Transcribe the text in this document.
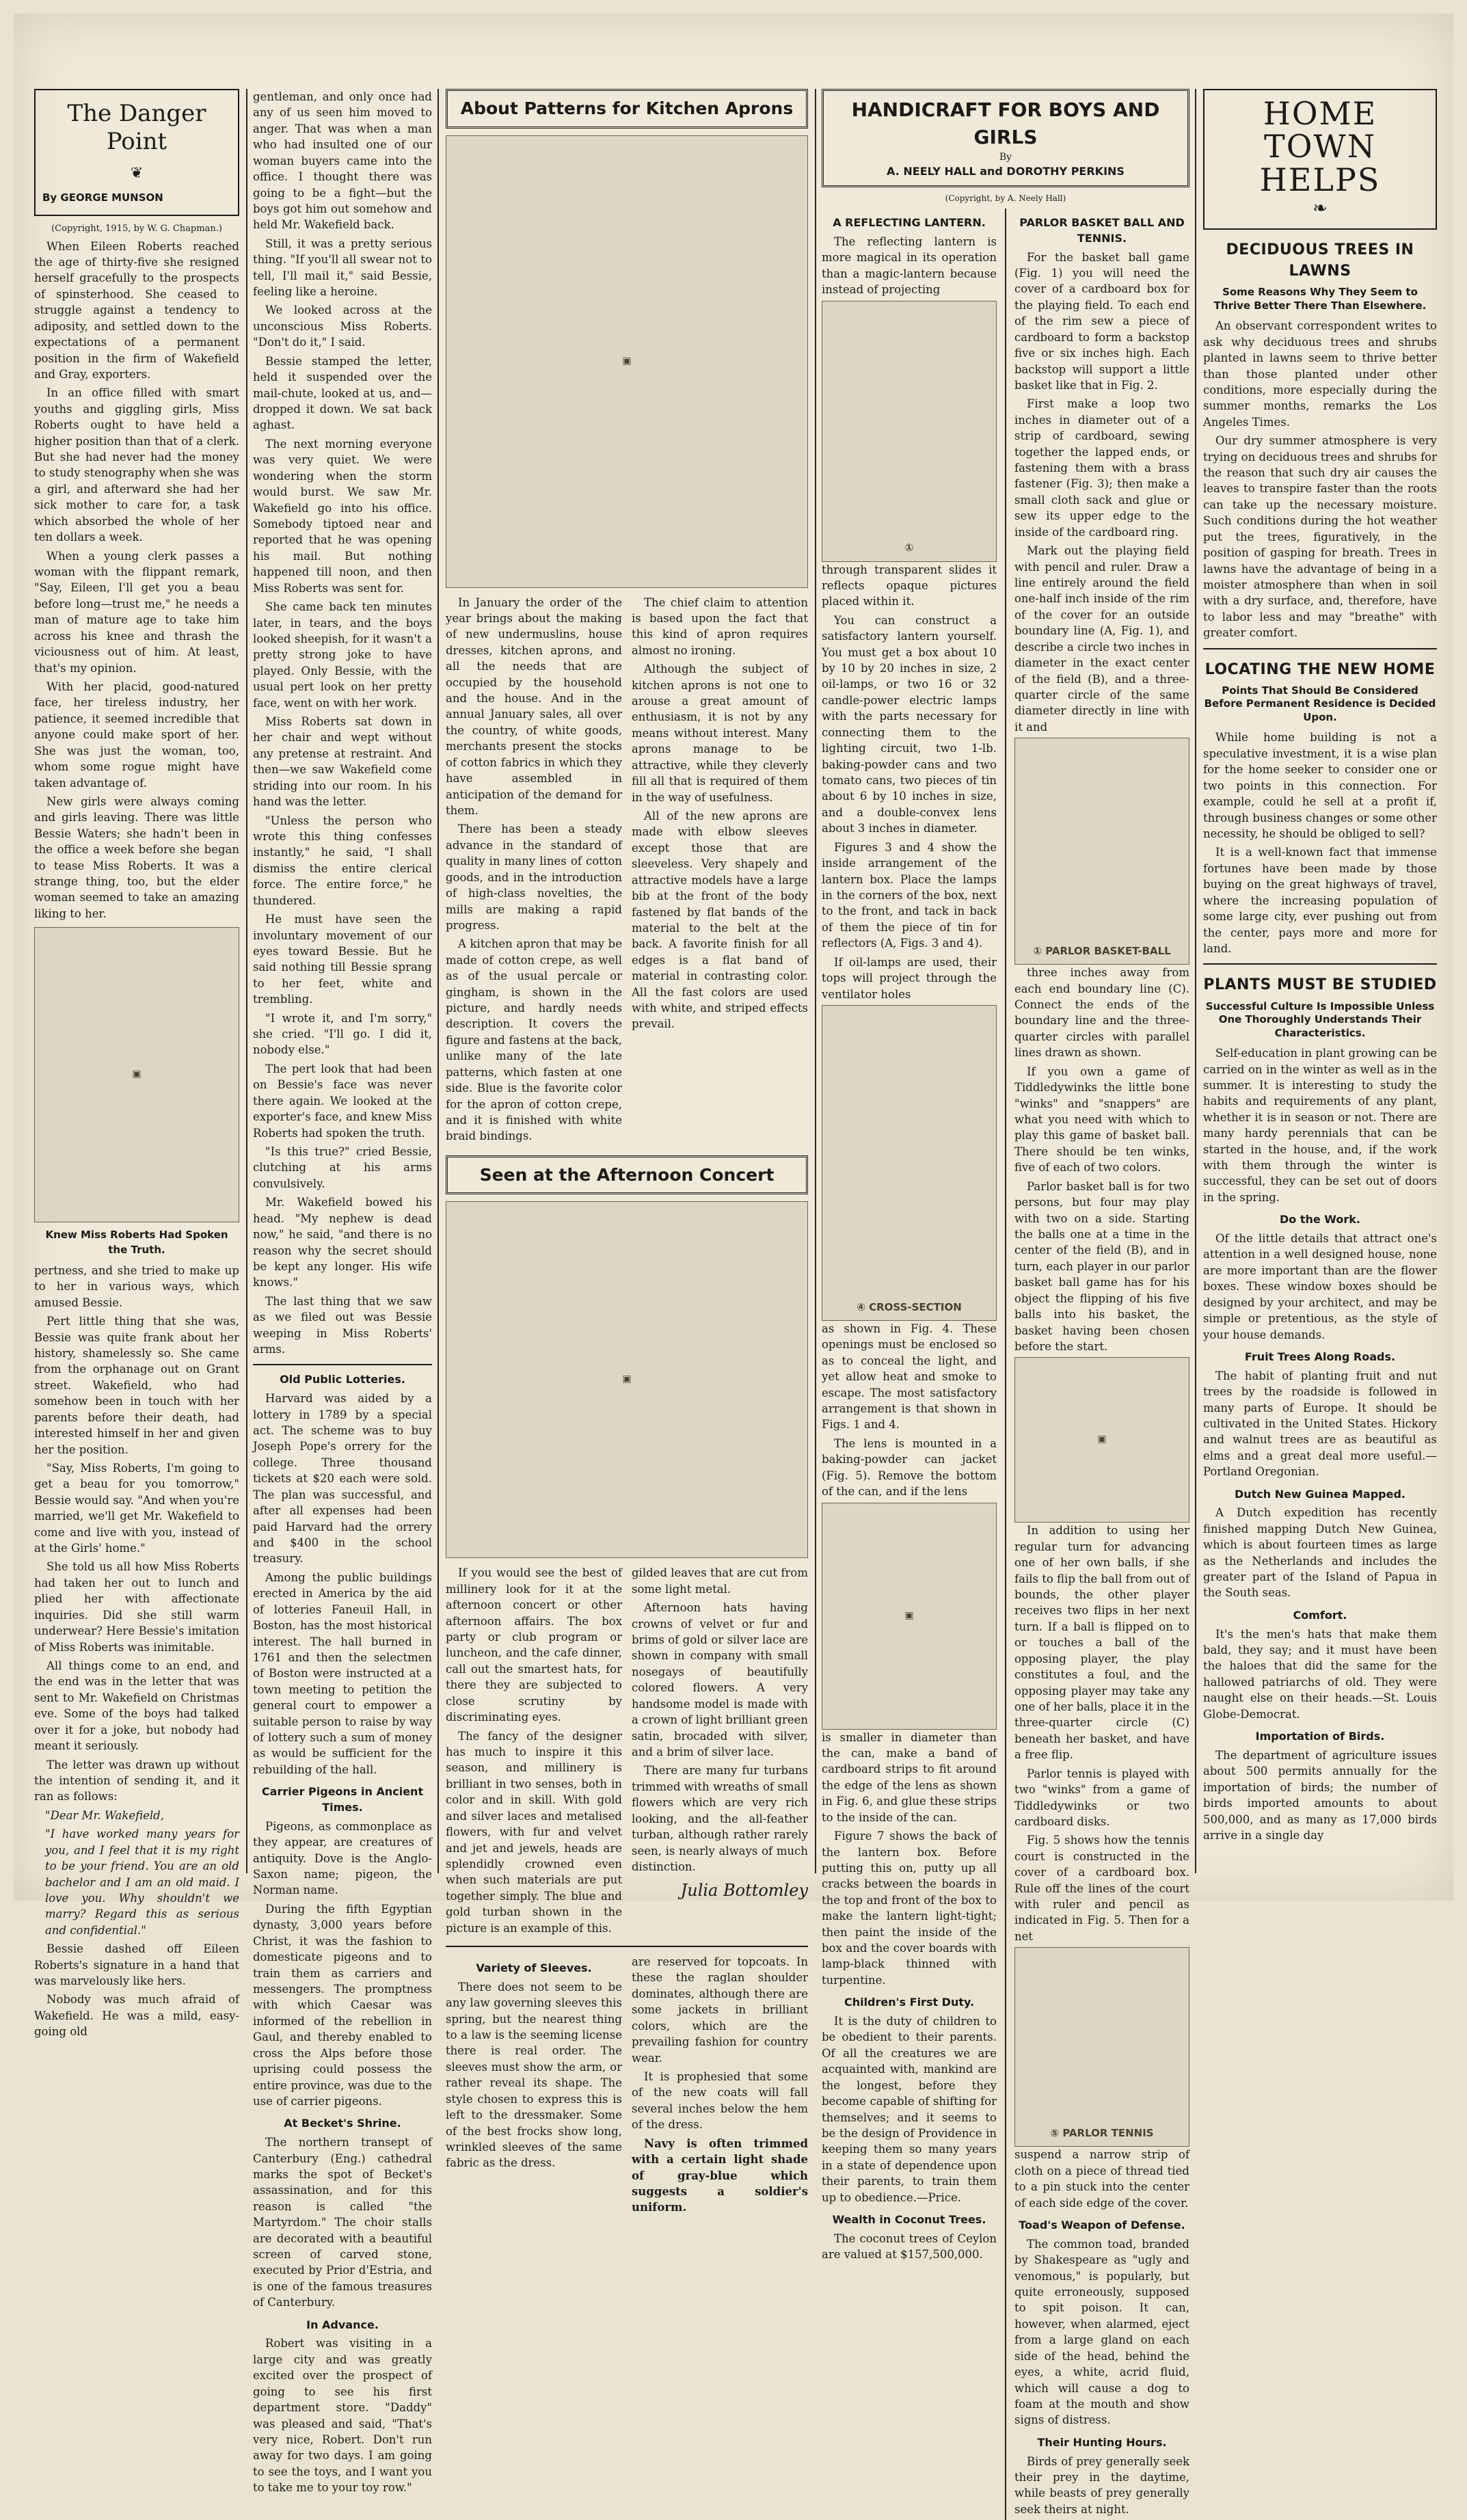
The Danger Point
❦
By GEORGE MUNSON
(Copyright, 1915, by W. G. Chapman.)

When Eileen Roberts reached the age of thirty-five she resigned herself gracefully to the prospects of spinsterhood. She ceased to struggle against a tendency to adiposity, and settled down to the expectations of a permanent position in the firm of Wakefield and Gray, exporters.

In an office filled with smart youths and giggling girls, Miss Roberts ought to have held a higher position than that of a clerk. But she had never had the money to study stenography when she was a girl, and afterward she had her sick mother to care for, a task which absorbed the whole of her ten dollars a week.

When a young clerk passes a woman with the flippant remark, "Say, Eileen, I'll get you a beau before long—trust me," he needs a man of mature age to take him across his knee and thrash the viciousness out of him. At least, that's my opinion.

With her placid, good-natured face, her tireless industry, her patience, it seemed incredible that anyone could make sport of her. She was just the woman, too, whom some rogue might have taken advantage of.

New girls were always coming and girls leaving. There was little Bessie Waters; she hadn't been in the office a week before she began to tease Miss Roberts. It was a strange thing, too, but the elder woman seemed to take an amazing liking to her.

▣
Knew Miss Roberts Had Spoken the Truth.

pertness, and she tried to make up to her in various ways, which amused Bessie.

Pert little thing that she was, Bessie was quite frank about her history, shamelessly so. She came from the orphanage out on Grant street. Wakefield, who had somehow been in touch with her parents before their death, had interested himself in her and given her the position.

"Say, Miss Roberts, I'm going to get a beau for you tomorrow," Bessie would say. "And when you're married, we'll get Mr. Wakefield to come and live with you, instead of at the Girls' home."

She told us all how Miss Roberts had taken her out to lunch and plied her with affectionate inquiries. Did she still warm underwear? Here Bessie's imitation of Miss Roberts was inimitable.

All things come to an end, and the end was in the letter that was sent to Mr. Wakefield on Christmas eve. Some of the boys had talked over it for a joke, but nobody had meant it seriously.

The letter was drawn up without the intention of sending it, and it ran as follows:

"Dear Mr. Wakefield,

"I have worked many years for you, and I feel that it is my right to be your friend. You are an old bachelor and I am an old maid. I love you. Why shouldn't we marry? Regard this as serious and confidential."

Bessie dashed off Eileen Roberts's signature in a hand that was marvelously like hers.

Nobody was much afraid of Wakefield. He was a mild, easy-going old

gentleman, and only once had any of us seen him moved to anger. That was when a man who had insulted one of our woman buyers came into the office. I thought there was going to be a fight—but the boys got him out somehow and held Mr. Wakefield back.

Still, it was a pretty serious thing. "If you'll all swear not to tell, I'll mail it," said Bessie, feeling like a heroine.

We looked across at the unconscious Miss Roberts. "Don't do it," I said.

Bessie stamped the letter, held it suspended over the mail-chute, looked at us, and—dropped it down. We sat back aghast.

The next morning everyone was very quiet. We were wondering when the storm would burst. We saw Mr. Wakefield go into his office. Somebody tiptoed near and reported that he was opening his mail. But nothing happened till noon, and then Miss Roberts was sent for.

She came back ten minutes later, in tears, and the boys looked sheepish, for it wasn't a pretty strong joke to have played. Only Bessie, with the usual pert look on her pretty face, went on with her work.

Miss Roberts sat down in her chair and wept without any pretense at restraint. And then—we saw Wakefield come striding into our room. In his hand was the letter.

"Unless the person who wrote this thing confesses instantly," he said, "I shall dismiss the entire clerical force. The entire force," he thundered.

He must have seen the involuntary movement of our eyes toward Bessie. But he said nothing till Bessie sprang to her feet, white and trembling.

"I wrote it, and I'm sorry," she cried. "I'll go. I did it, nobody else."

The pert look that had been on Bessie's face was never there again. We looked at the exporter's face, and knew Miss Roberts had spoken the truth.

"Is this true?" cried Bessie, clutching at his arms convulsively.

Mr. Wakefield bowed his head. "My nephew is dead now," he said, "and there is no reason why the secret should be kept any longer. His wife knows."

The last thing that we saw as we filed out was Bessie weeping in Miss Roberts' arms.

Old Public Lotteries.

Harvard was aided by a lottery in 1789 by a special act. The scheme was to buy Joseph Pope's orrery for the college. Three thousand tickets at $20 each were sold. The plan was successful, and after all expenses had been paid Harvard had the orrery and $400 in the school treasury.

Among the public buildings erected in America by the aid of lotteries Faneuil Hall, in Boston, has the most historical interest. The hall burned in 1761 and then the selectmen of Boston were instructed at a town meeting to petition the general court to empower a suitable person to raise by way of lottery such a sum of money as would be sufficient for the rebuilding of the hall.

Carrier Pigeons in Ancient Times.

Pigeons, as commonplace as they appear, are creatures of antiquity. Dove is the Anglo-Saxon name; pigeon, the Norman name.

During the fifth Egyptian dynasty, 3,000 years before Christ, it was the fashion to domesticate pigeons and to train them as carriers and messengers. The promptness with which Caesar was informed of the rebellion in Gaul, and thereby enabled to cross the Alps before those uprising could possess the entire province, was due to the use of carrier pigeons.

At Becket's Shrine.

The northern transept of Canterbury (Eng.) cathedral marks the spot of Becket's assassination, and for this reason is called "the Martyrdom." The choir stalls are decorated with a beautiful screen of carved stone, executed by Prior d'Estria, and is one of the famous treasures of Canterbury.

In Advance.

Robert was visiting in a large city and was greatly excited over the prospect of going to see his first department store. "Daddy" was pleased and said, "That's very nice, Robert. Don't run away for two days. I am going to see the toys, and I want you to take me to your toy row."

About Patterns for Kitchen Aprons
▣

In January the order of the year brings about the making of new undermuslins, house dresses, kitchen aprons, and all the needs that are occupied by the household and the house. And in the annual January sales, all over the country, of white goods, merchants present the stocks of cotton fabrics in which they have assembled in anticipation of the demand for them.

There has been a steady advance in the standard of quality in many lines of cotton goods, and in the introduction of high-class novelties, the mills are making a rapid progress.

A kitchen apron that may be made of cotton crepe, as well as of the usual percale or gingham, is shown in the picture, and hardly needs description. It covers the figure and fastens at the back, unlike many of the late patterns, which fasten at one side. Blue is the favorite color for the apron of cotton crepe, and it is finished with white braid bindings.

The chief claim to attention is based upon the fact that this kind of apron requires almost no ironing.

Although the subject of kitchen aprons is not one to arouse a great amount of enthusiasm, it is not by any means without interest. Many aprons manage to be attractive, while they cleverly fill all that is required of them in the way of usefulness.

All of the new aprons are made with elbow sleeves except those that are sleeveless. Very shapely and attractive models have a large bib at the front of the body fastened by flat bands of the material to the belt at the back. A favorite finish for all edges is a flat band of material in contrasting color. All the fast colors are used with white, and striped effects prevail.

Seen at the Afternoon Concert
▣

If you would see the best of millinery look for it at the afternoon concert or other afternoon affairs. The box party or club program or luncheon, and the cafe dinner, call out the smartest hats, for there they are subjected to close scrutiny by discriminating eyes.

The fancy of the designer has much to inspire it this season, and millinery is brilliant in two senses, both in color and in skill. With gold and silver laces and metalised flowers, with fur and velvet and jet and jewels, heads are splendidly crowned even when such materials are put together simply. The blue and gold turban shown in the picture is an example of this.

gilded leaves that are cut from some light metal.

Afternoon hats having crowns of velvet or fur and brims of gold or silver lace are shown in company with small nosegays of beautifully colored flowers. A very handsome model is made with a crown of light brilliant green satin, brocaded with silver, and a brim of silver lace.

There are many fur turbans trimmed with wreaths of small flowers which are very rich looking, and the all-feather turban, although rather rarely seen, is nearly always of much distinction.

Julia Bottomley
Variety of Sleeves.

There does not seem to be any law governing sleeves this spring, but the nearest thing to a law is the seeming license there is real order. The sleeves must show the arm, or rather reveal its shape. The style chosen to express this is left to the dressmaker. Some of the best frocks show long, wrinkled sleeves of the same fabric as the dress.

are reserved for topcoats. In these the raglan shoulder dominates, although there are some jackets in brilliant colors, which are the prevailing fashion for country wear.

It is prophesied that some of the new coats will fall several inches below the hem of the dress.

Navy is often trimmed with a certain light shade of gray-blue which suggests a soldier's uniform.

HANDICRAFT FOR BOYS AND GIRLS
By
A. NEELY HALL and DOROTHY PERKINS
(Copyright, by A. Neely Hall)
A REFLECTING LANTERN.

The reflecting lantern is more magical in its operation than a magic-lantern because instead of projecting

①

through transparent slides it reflects opaque pictures placed within it.

You can construct a satisfactory lantern yourself. You must get a box about 10 by 10 by 20 inches in size, 2 oil-lamps, or two 16 or 32 candle-power electric lamps with the parts necessary for connecting them to the lighting circuit, two 1-lb. baking-powder cans and two tomato cans, two pieces of tin about 6 by 10 inches in size, and a double-convex lens about 3 inches in diameter.

Figures 3 and 4 show the inside arrangement of the lantern box. Place the lamps in the corners of the box, next to the front, and tack in back of them the piece of tin for reflectors (A, Figs. 3 and 4).

If oil-lamps are used, their tops will project through the ventilator holes

④ CROSS-SECTION

as shown in Fig. 4. These openings must be enclosed so as to conceal the light, and yet allow heat and smoke to escape. The most satisfactory arrangement is that shown in Figs. 1 and 4.

The lens is mounted in a baking-powder can jacket (Fig. 5). Remove the bottom of the can, and if the lens

▣

is smaller in diameter than the can, make a band of cardboard strips to fit around the edge of the lens as shown in Fig. 6, and glue these strips to the inside of the can.

Figure 7 shows the back of the lantern box. Before putting this on, putty up all cracks between the boards in the top and front of the box to make the lantern light-tight; then paint the inside of the box and the cover boards with lamp-black thinned with turpentine.

Children's First Duty.

It is the duty of children to be obedient to their parents. Of all the creatures we are acquainted with, mankind are the longest, before they become capable of shifting for themselves; and it seems to be the design of Providence in keeping them so many years in a state of dependence upon their parents, to train them up to obedience.—Price.

Wealth in Coconut Trees.

The coconut trees of Ceylon are valued at $157,500,000.

PARLOR BASKET BALL AND TENNIS.

For the basket ball game (Fig. 1) you will need the cover of a cardboard box for the playing field. To each end of the rim sew a piece of cardboard to form a backstop five or six inches high. Each backstop will support a little basket like that in Fig. 2.

First make a loop two inches in diameter out of a strip of cardboard, sewing together the lapped ends, or fastening them with a brass fastener (Fig. 3); then make a small cloth sack and glue or sew its upper edge to the inside of the cardboard ring.

Mark out the playing field with pencil and ruler. Draw a line entirely around the field one-half inch inside of the rim of the cover for an outside boundary line (A, Fig. 1), and describe a circle two inches in diameter in the exact center of the field (B), and a three-quarter circle of the same diameter directly in line with it and

① PARLOR BASKET-BALL

three inches away from each end boundary line (C). Connect the ends of the boundary line and the three-quarter circles with parallel lines drawn as shown.

If you own a game of Tiddledywinks the little bone "winks" and "snappers" are what you need with which to play this game of basket ball. There should be ten winks, five of each of two colors.

Parlor basket ball is for two persons, but four may play with two on a side. Starting the balls one at a time in the center of the field (B), and in turn, each player in our parlor basket ball game has for his object the flipping of his five balls into his basket, the basket having been chosen before the start.

▣

In addition to using her regular turn for advancing one of her own balls, if she fails to flip the ball from out of bounds, the other player receives two flips in her next turn. If a ball is flipped on to or touches a ball of the opposing player, the play constitutes a foul, and the opposing player may take any one of her balls, place it in the three-quarter circle (C) beneath her basket, and have a free flip.

Parlor tennis is played with two "winks" from a game of Tiddledywinks or two cardboard disks.

Fig. 5 shows how the tennis court is constructed in the cover of a cardboard box. Rule off the lines of the court with ruler and pencil as indicated in Fig. 5. Then for a net

⑤ PARLOR TENNIS

suspend a narrow strip of cloth on a piece of thread tied to a pin stuck into the center of each side edge of the cover.

Toad's Weapon of Defense.

The common toad, branded by Shakespeare as "ugly and venomous," is popularly, but quite erroneously, supposed to spit poison. It can, however, when alarmed, eject from a large gland on each side of the head, behind the eyes, a white, acrid fluid, which will cause a dog to foam at the mouth and show signs of distress.

Their Hunting Hours.

Birds of prey generally seek their prey in the daytime, while beasts of prey generally seek theirs at night.

HOME TOWN HELPS
❧
DECIDUOUS TREES IN LAWNS
Some Reasons Why They Seem to Thrive Better There Than Elsewhere.

An observant correspondent writes to ask why deciduous trees and shrubs planted in lawns seem to thrive better than those planted under other conditions, more especially during the summer months, remarks the Los Angeles Times.

Our dry summer atmosphere is very trying on deciduous trees and shrubs for the reason that such dry air causes the leaves to transpire faster than the roots can take up the necessary moisture. Such conditions during the hot weather put the trees, figuratively, in the position of gasping for breath. Trees in lawns have the advantage of being in a moister atmosphere than when in soil with a dry surface, and, therefore, have to labor less and may "breathe" with greater comfort.

LOCATING THE NEW HOME
Points That Should Be Considered Before Permanent Residence is Decided Upon.

While home building is not a speculative investment, it is a wise plan for the home seeker to consider one or two points in this connection. For example, could he sell at a profit if, through business changes or some other necessity, he should be obliged to sell?

It is a well-known fact that immense fortunes have been made by those buying on the great highways of travel, where the increasing population of some large city, ever pushing out from the center, pays more and more for land.

PLANTS MUST BE STUDIED
Successful Culture Is Impossible Unless One Thoroughly Understands Their Characteristics.

Self-education in plant growing can be carried on in the winter as well as in the summer. It is interesting to study the habits and requirements of any plant, whether it is in season or not. There are many hardy perennials that can be started in the house, and, if the work with them through the winter is successful, they can be set out of doors in the spring.

Do the Work.

Of the little details that attract one's attention in a well designed house, none are more important than are the flower boxes. These window boxes should be designed by your architect, and may be simple or pretentious, as the style of your house demands.

Fruit Trees Along Roads.

The habit of planting fruit and nut trees by the roadside is followed in many parts of Europe. It should be cultivated in the United States. Hickory and walnut trees are as beautiful as elms and a great deal more useful.—Portland Oregonian.

Dutch New Guinea Mapped.

A Dutch expedition has recently finished mapping Dutch New Guinea, which is about fourteen times as large as the Netherlands and includes the greater part of the Island of Papua in the South seas.

Comfort.

It's the men's hats that make them bald, they say; and it must have been the haloes that did the same for the hallowed patriarchs of old. They were naught else on their heads.—St. Louis Globe-Democrat.

Importation of Birds.

The department of agriculture issues about 500 permits annually for the importation of birds; the number of birds imported amounts to about 500,000, and as many as 17,000 birds arrive in a single day
